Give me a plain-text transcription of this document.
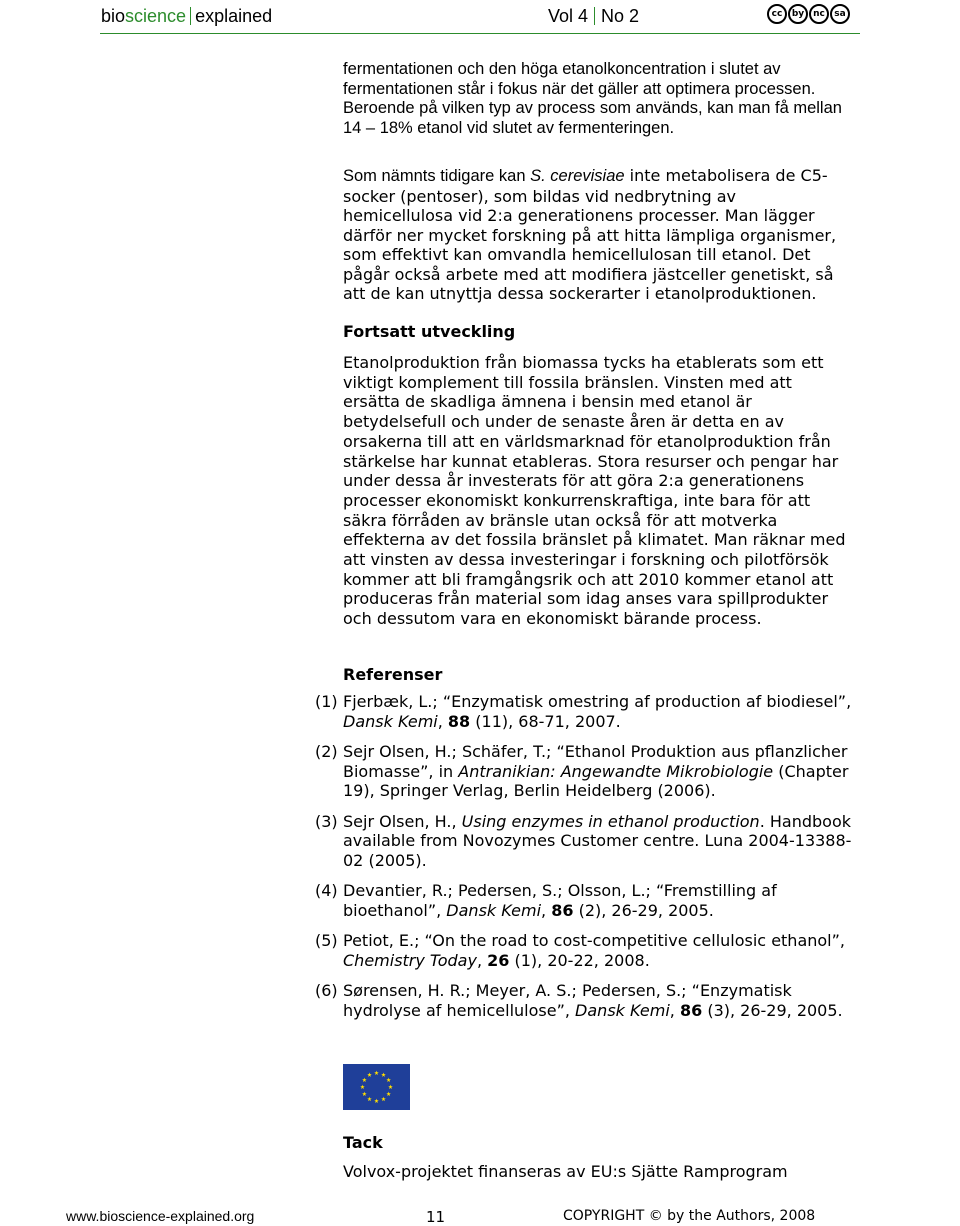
bioscience explained	Vol 4 No 2	cc	by nc	sa

fermentationen och den höga etanolkoncentration i slutet av fermentationen står i fokus när det gäller att optimera processen. Beroende på vilken typ av process som används, kan man få mellan 14 – 18% etanol vid slutet av fermenteringen.

Som nämnts tidigare kan S. cerevisiae inte metabolisera de C5-socker (pentoser), som bildas vid nedbrytning av hemicellulosa vid 2:a generationens processer. Man lägger därför ner mycket forskning på att hitta lämpliga organismer, som effektivt kan omvandla hemicellulosan till etanol. Det pågår också arbete med att modifiera jästceller genetiskt, så att de kan utnyttja dessa sockerarter i etanolproduktionen.

Fortsatt utveckling

Etanolproduktion från biomassa tycks ha etablerats som ett viktigt komplement till fossila bränslen. Vinsten med att ersätta de skadliga ämnena i bensin med etanol är betydelsefull och under de senaste åren är detta en av orsakerna till att en världsmarknad för etanolproduktion från stärkelse har kunnat etableras. Stora resurser och pengar har under dessa år investerats för att göra 2:a generationens processer ekonomiskt konkurrenskraftiga, inte bara för att säkra förråden av bränsle utan också för att motverka effekterna av det fossila bränslet på klimatet. Man räknar med att vinsten av dessa investeringar i forskning och pilotförsök kommer att bli framgångsrik och att 2010 kommer etanol att produceras från material som idag anses vara spillprodukter och dessutom vara en ekonomiskt bärande process.

Referenser

(1) Fjerbæk, L.; “Enzymatisk omestring af production af biodiesel”, Dansk Kemi, 88 (11), 68-71, 2007.
(2) Sejr Olsen, H.; Schäfer, T.; “Ethanol Produktion aus pflanzlicher Biomasse”, in Antranikian: Angewandte Mikrobiologie (Chapter 19), Springer Verlag, Berlin Heidelberg (2006).
(3) Sejr Olsen, H., Using enzymes in ethanol production. Handbook available from Novozymes Customer centre. Luna 2004-13388-02 (2005).
(4) Devantier, R.; Pedersen, S.; Olsson, L.; “Fremstilling af bioethanol”, Dansk Kemi, 86 (2), 26-29, 2005.
(5) Petiot, E.; “On the road to cost-competitive cellulosic ethanol”, Chemistry Today, 26 (1), 20-22, 2008.
(6) Sørensen, H. R.; Meyer, A. S.; Pedersen, S.; “Enzymatisk hydrolyse af hemicellulose”, Dansk Kemi, 86 (3), 26-29, 2005.

Tack

Volvox-projektet finanseras av EU:s Sjätte Ramprogram

www.bioscience-explained.org	11	COPYRIGHT © by the Authors, 2008
